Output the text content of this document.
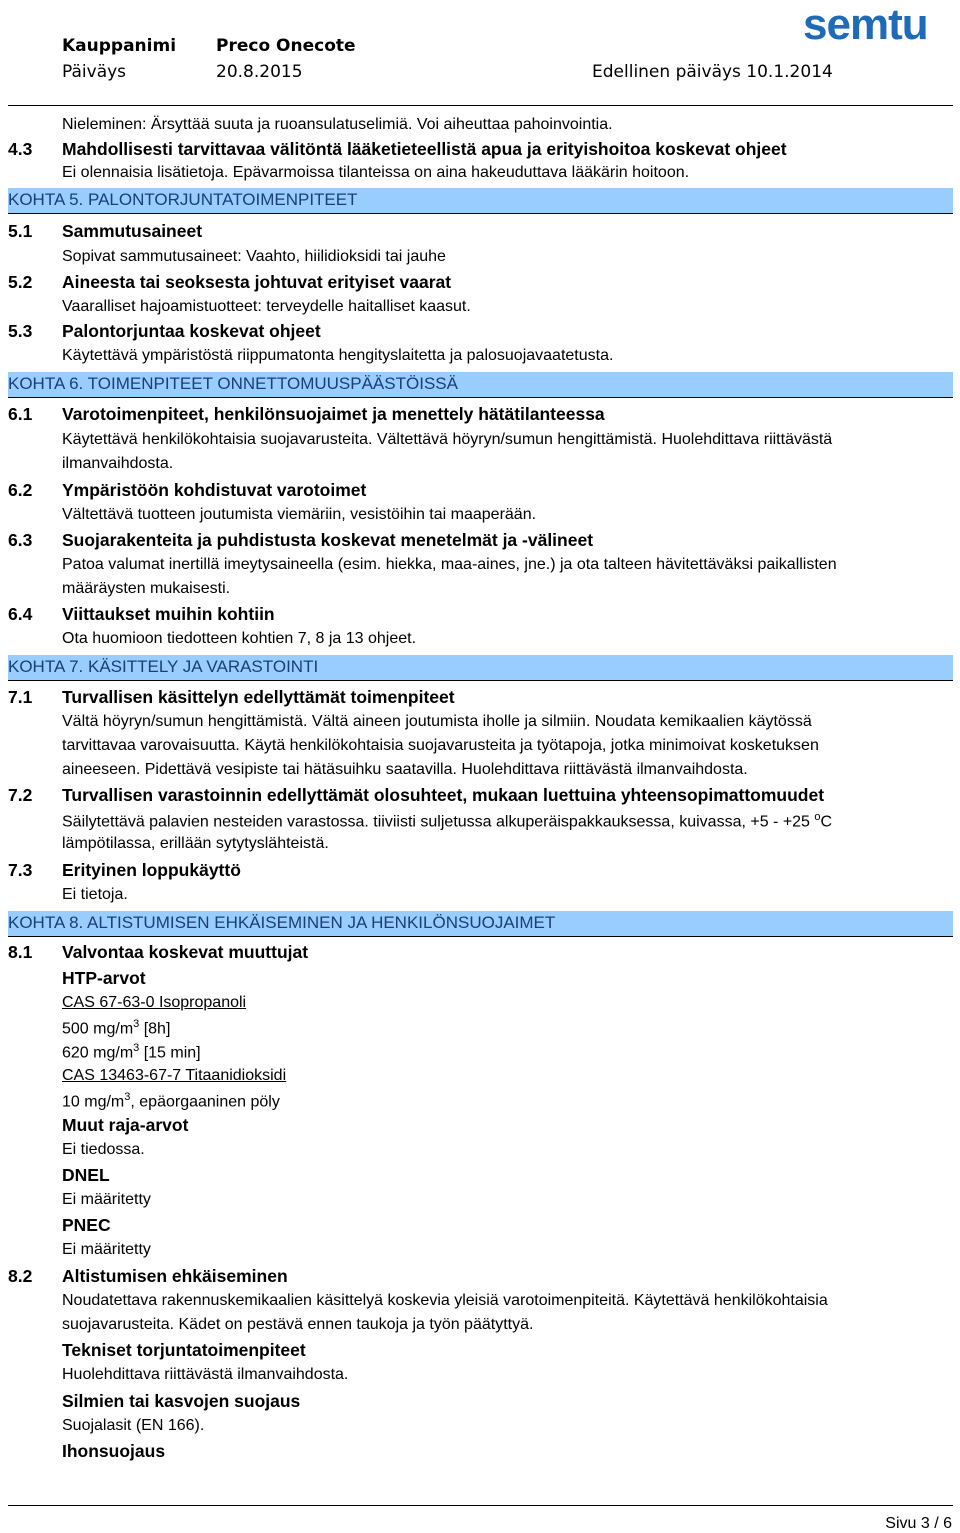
Kauppanimi Preco Onecote
Päiväys	20.8.2015	Edellinen päiväys 10.1.2014
semtu
Nieleminen: Ärsyttää suuta ja ruoansulatuselimiä. Voi aiheuttaa pahoinvointia.
4.3 Mahdollisesti tarvittavaa välitöntä lääketieteellistä apua ja erityishoitoa koskevat ohjeet
Ei olennaisia lisätietoja. Epävarmoissa tilanteissa on aina hakeuduttava lääkärin hoitoon.
KOHTA 5. PALONTORJUNTATOIMENPITEET
5.1 Sammutusaineet
Sopivat sammutusaineet: Vaahto, hiilidioksidi tai jauhe
5.2 Aineesta tai seoksesta johtuvat erityiset vaarat
Vaaralliset hajoamistuotteet: terveydelle haitalliset kaasut.
5.3 Palontorjuntaa koskevat ohjeet
Käytettävä ympäristöstä riippumatonta hengityslaitetta ja palosuojavaatetusta.
KOHTA 6. TOIMENPITEET ONNETTOMUUSPÄÄSTÖISSÄ
6.1 Varotoimenpiteet, henkilönsuojaimet ja menettely hätätilanteessa
Käytettävä henkilökohtaisia suojavarusteita. Vältettävä höyryn/sumun hengittämistä. Huolehdittava riittävästä
ilmanvaihdosta.
6.2 Ympäristöön kohdistuvat varotoimet
Vältettävä tuotteen joutumista viemäriin, vesistöihin tai maaperään.
6.3 Suojarakenteita ja puhdistusta koskevat menetelmät ja -välineet
Patoa valumat inertillä imeytysaineella (esim. hiekka, maa-aines, jne.) ja ota talteen hävitettäväksi paikallisten
määräysten mukaisesti.
6.4 Viittaukset muihin kohtiin
Ota huomioon tiedotteen kohtien 7, 8 ja 13 ohjeet.
KOHTA 7. KÄSITTELY JA VARASTOINTI
7.1 Turvallisen käsittelyn edellyttämät toimenpiteet
Vältä höyryn/sumun hengittämistä. Vältä aineen joutumista iholle ja silmiin. Noudata kemikaalien käytössä
tarvittavaa varovaisuutta. Käytä henkilökohtaisia suojavarusteita ja työtapoja, jotka minimoivat kosketuksen
aineeseen. Pidettävä vesipiste tai hätäsuihku saatavilla. Huolehdittava riittävästä ilmanvaihdosta.
7.2 Turvallisen varastoinnin edellyttämät olosuhteet, mukaan luettuina yhteensopimattomuudet
Säilytettävä palavien nesteiden varastossa. tiiviisti suljetussa alkuperäispakkauksessa, kuivassa, +5 - +25 $^o$C
lämpötilassa, erillään sytytyslähteistä.
7.3 Erityinen loppukäyttö
Ei tietoja.
KOHTA 8. ALTISTUMISEN EHKÄISEMINEN JA HENKILÖNSUOJAIMET
8.1 Valvontaa koskevat muuttujat
HTP-arvot
CAS 67-63-0 Isopropanoli
500 $mg/m^3$ [8h]
620 $mg/m^3$ [15 min]
CAS 13463-67-7 Titaanidioksidi
10 $mg/m^3$, epäorgaaninen pöly
Muut raja-arvot
Ei tiedossa.
DNEL
Ei määritetty
PNEC
Ei määritetty
8.2 Altistumisen ehkäiseminen
Noudatettava rakennuskemikaalien käsittelyä koskevia yleisiä varotoimenpiteitä. Käytettävä henkilökohtaisia
suojavarusteita. Kädet on pestävä ennen taukoja ja työn päätyttyä.
Tekniset torjuntatoimenpiteet
Huolehdittava riittävästä ilmanvaihdosta.
Silmien tai kasvojen suojaus
Suojalasit (EN 166).
Ihonsuojaus
Sivu 3 / 6
